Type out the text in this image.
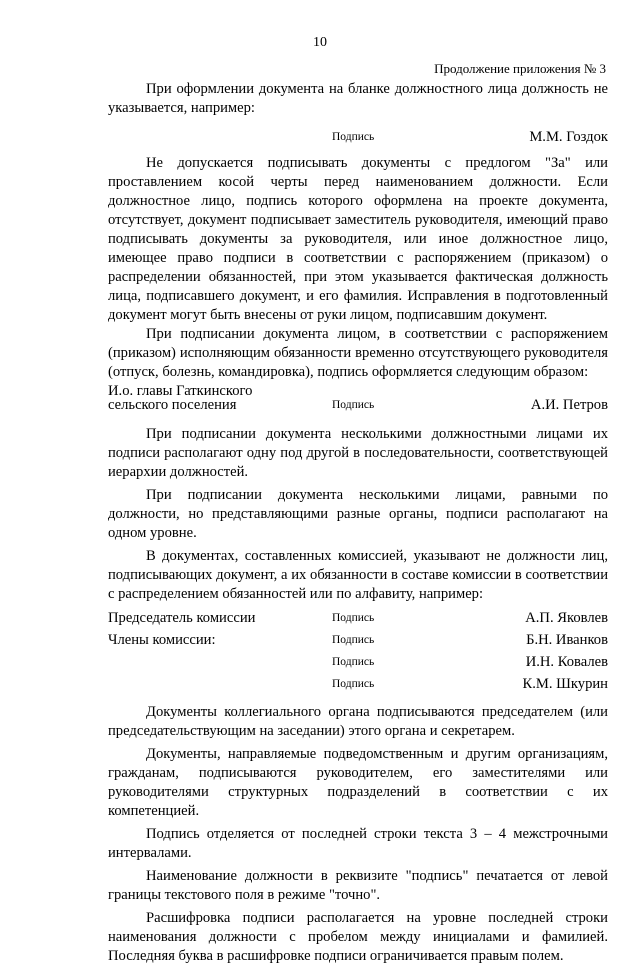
10
Продолжение приложения № 3

При оформлении документа на бланке должностного лица должность не указывается, например:

Подпись	М.М. Гоздок

Не допускается подписывать документы с предлогом "За" или проставлением косой черты перед наименованием должности. Если должностное лицо, подпись которого оформлена на проекте документа, отсутствует, документ подписывает заместитель руководителя, имеющий право подписывать документы за руководителя, или иное должностное лицо, имеющее право подписи в соответствии с распоряжением (приказом) о распределении обязанностей, при этом указывается фактическая должность лица, подписавшего документ, и его фамилия. Исправления в подготовленный документ могут быть внесены от руки лицом, подписавшим документ.

При подписании документа лицом, в соответствии с распоряжением (приказом) исполняющим обязанности временно отсутствующего руководителя (отпуск, болезнь, командировка), подпись оформляется следующим образом:

И.о. главы Гаткинского
сельского поселения	Подпись	А.И. Петров

При подписании документа несколькими должностными лицами их подписи располагают одну под другой в последовательности, соответствующей иерархии должностей.

При подписании документа несколькими лицами, равными по должности, но представляющими разные органы, подписи располагают на одном уровне.

В документах, составленных комиссией, указывают не должности лиц, подписывающих документ, а их обязанности в составе комиссии в соответствии с распределением обязанностей или по алфавиту, например:

Председатель комиссии	Подпись	А.П. Яковлев
Члены комиссии:	Подпись	Б.Н. Иванков
Подпись	И.Н. Ковалев
Подпись	К.М. Шкурин

Документы коллегиального органа подписываются председателем (или председательствующим на заседании) этого органа и секретарем.

Документы, направляемые подведомственным и другим организациям, гражданам, подписываются руководителем, его заместителями или руководителями структурных подразделений в соответствии с их компетенцией.

Подпись отделяется от последней строки текста 3 – 4 межстрочными интервалами.

Наименование должности в реквизите "подпись" печатается от левой границы текстового поля в режиме "точно".

Расшифровка подписи располагается на уровне последней строки наименования должности с пробелом между инициалами и фамилией. Последняя буква в расшифровке подписи ограничивается правым полем.
